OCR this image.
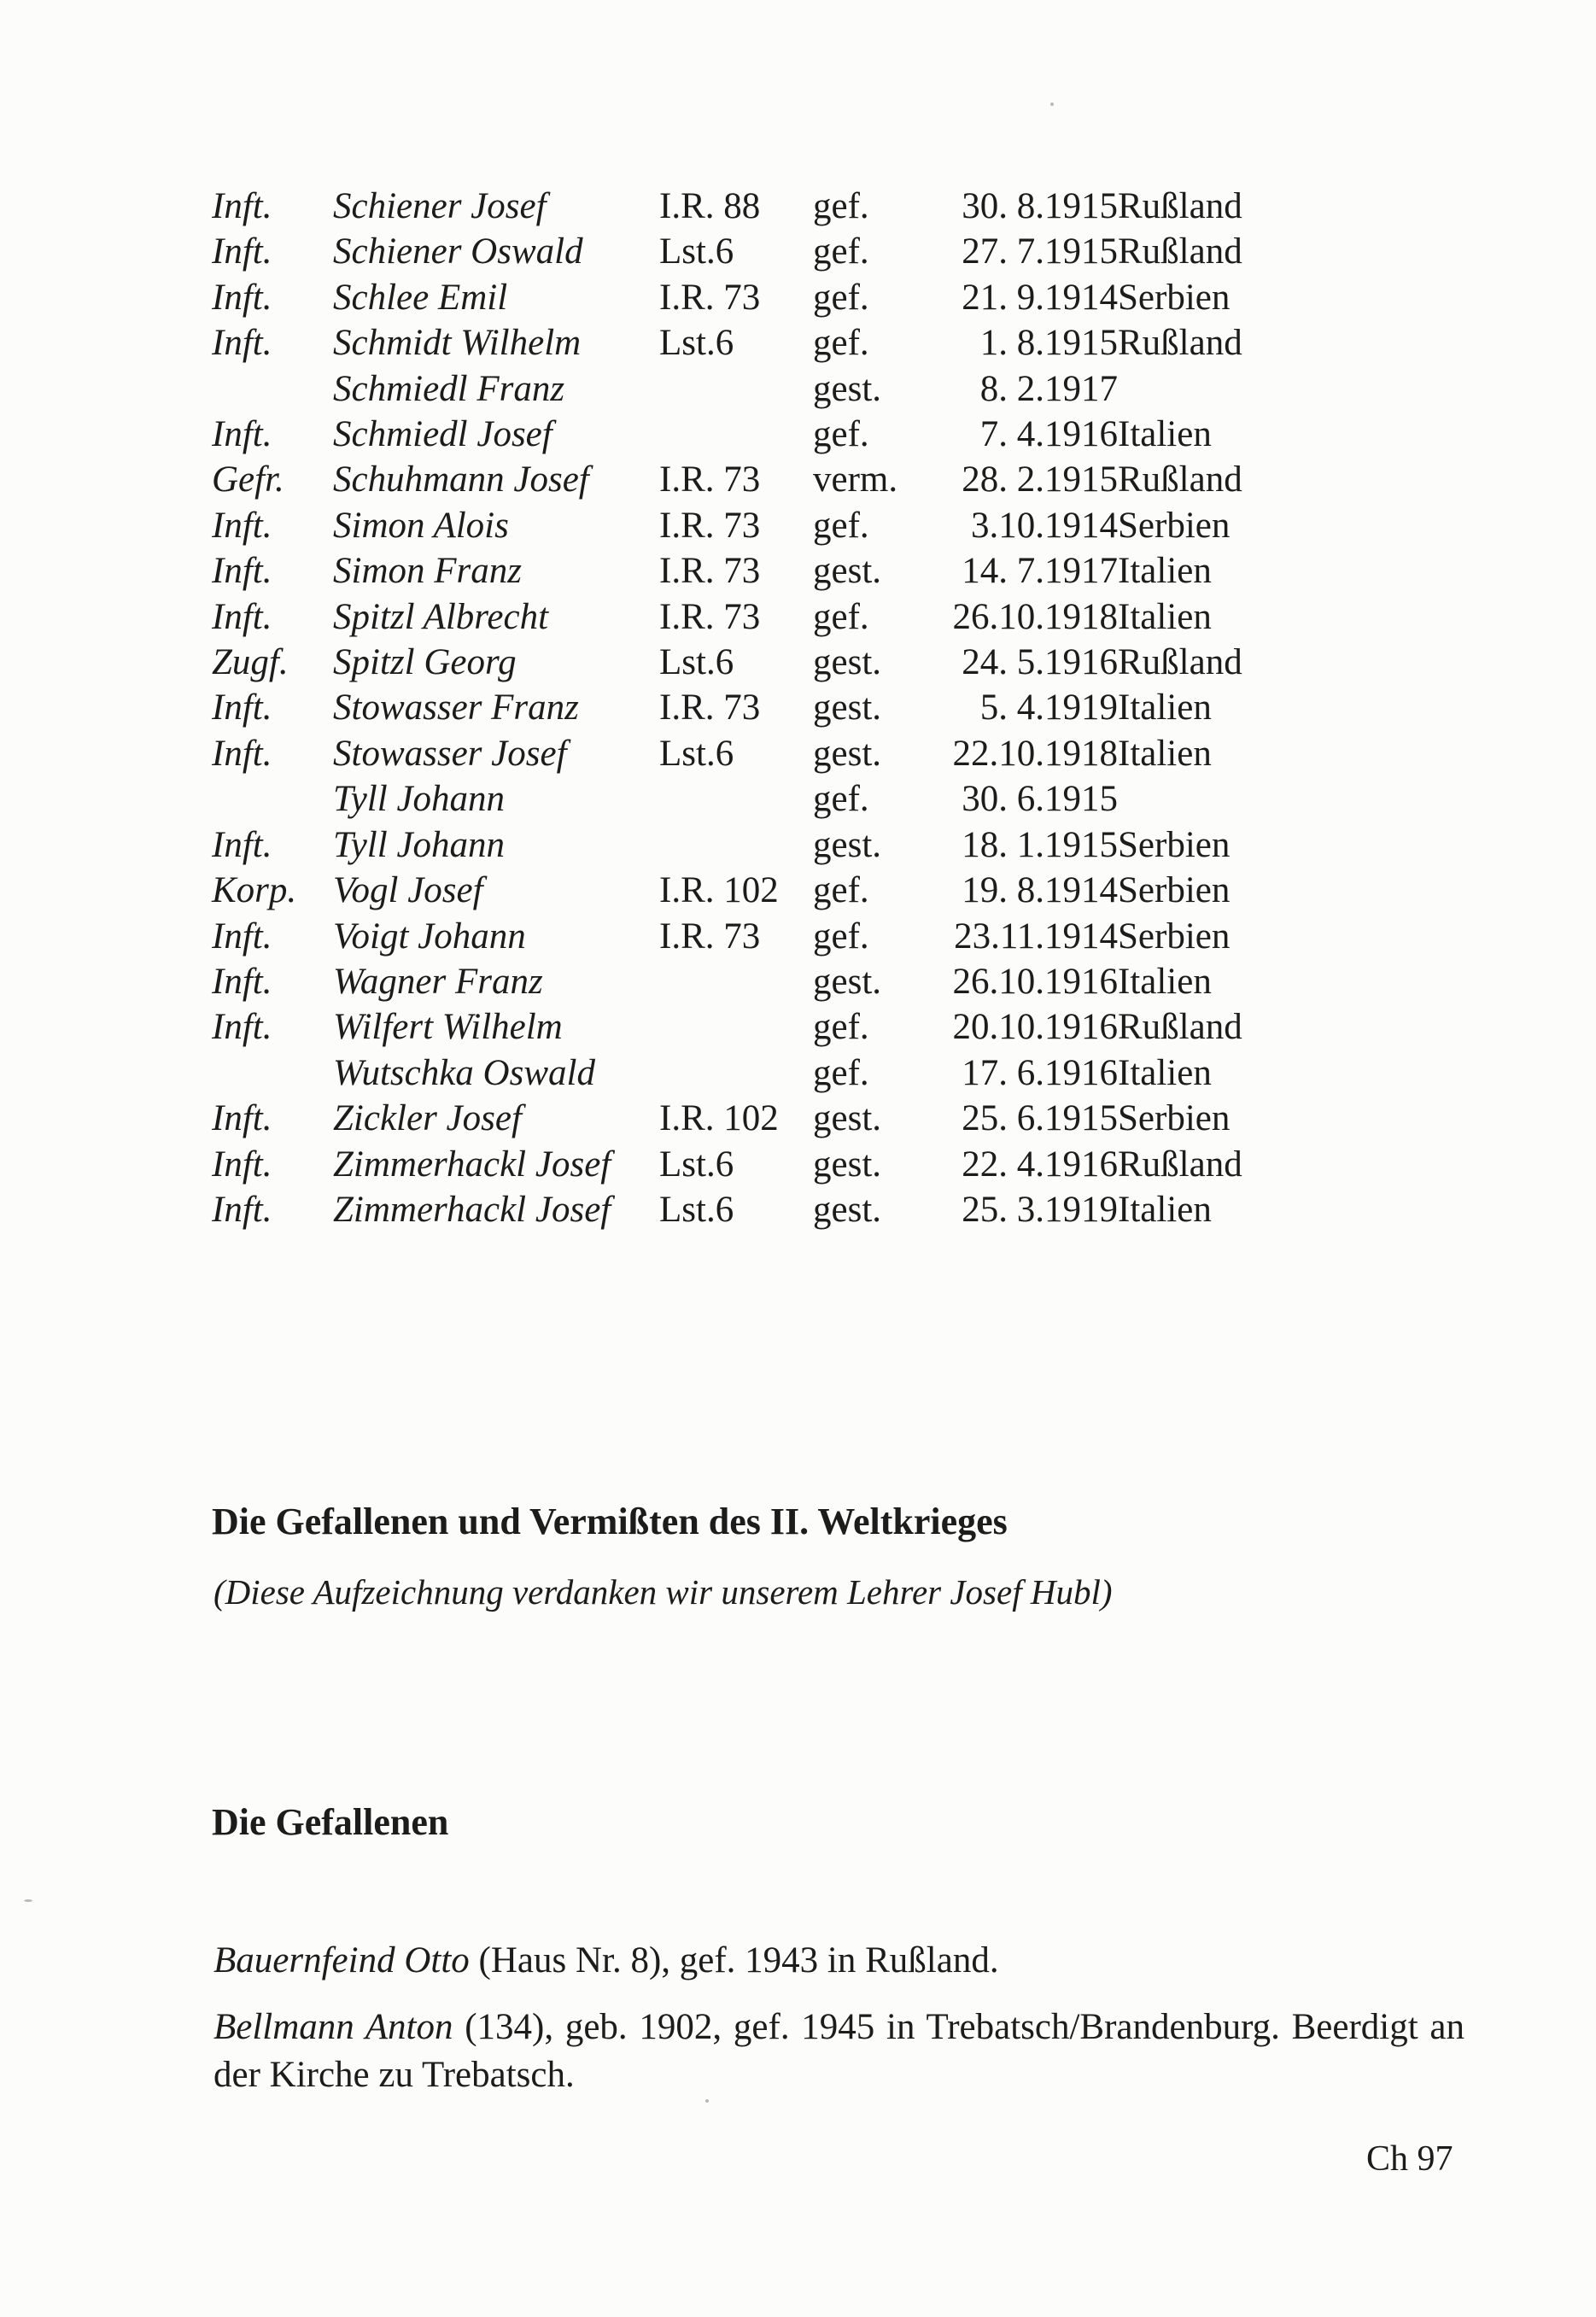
Inft.	Schiener Josef	I.R. 88	gef.	30. 8.1915	Rußland
Inft.	Schiener Oswald	Lst.6	gef.	27. 7.1915	Rußland
Inft.	Schlee Emil	I.R. 73	gef.	21. 9.1914	Serbien
Inft.	Schmidt Wilhelm	Lst.6	gef.	1. 8.1915	Rußland
	Schmiedl Franz		gest.	8. 2.1917	
Inft.	Schmiedl Josef		gef.	7. 4.1916	Italien
Gefr.	Schuhmann Josef	I.R. 73	verm.	28. 2.1915	Rußland
Inft.	Simon Alois	I.R. 73	gef.	3.10.1914	Serbien
Inft.	Simon Franz	I.R. 73	gest.	14. 7.1917	Italien
Inft.	Spitzl Albrecht	I.R. 73	gef.	26.10.1918	Italien
Zugf.	Spitzl Georg	Lst.6	gest.	24. 5.1916	Rußland
Inft.	Stowasser Franz	I.R. 73	gest.	5. 4.1919	Italien
Inft.	Stowasser Josef	Lst.6	gest.	22.10.1918	Italien
	Tyll Johann		gef.	30. 6.1915	
Inft.	Tyll Johann		gest.	18. 1.1915	Serbien
Korp.	Vogl Josef	I.R. 102	gef.	19. 8.1914	Serbien
Inft.	Voigt Johann	I.R. 73	gef.	23.11.1914	Serbien
Inft.	Wagner Franz		gest.	26.10.1916	Italien
Inft.	Wilfert Wilhelm		gef.	20.10.1916	Rußland
	Wutschka Oswald		gef.	17. 6.1916	Italien
Inft.	Zickler Josef	I.R. 102	gest.	25. 6.1915	Serbien
Inft.	Zimmerhackl Josef	Lst.6	gest.	22. 4.1916	Rußland
Inft.	Zimmerhackl Josef	Lst.6	gest.	25. 3.1919	Italien
Die Gefallenen und Vermißten des II. Weltkrieges

(Diese Aufzeichnung verdanken wir unserem Lehrer Josef Hubl)

Die Gefallenen

Bauernfeind Otto (Haus Nr. 8), gef. 1943 in Rußland.

Bellmann Anton (134), geb. 1902, gef. 1945 in Trebatsch/Brandenburg. Beerdigt an der Kirche zu Trebatsch.

Ch 97
